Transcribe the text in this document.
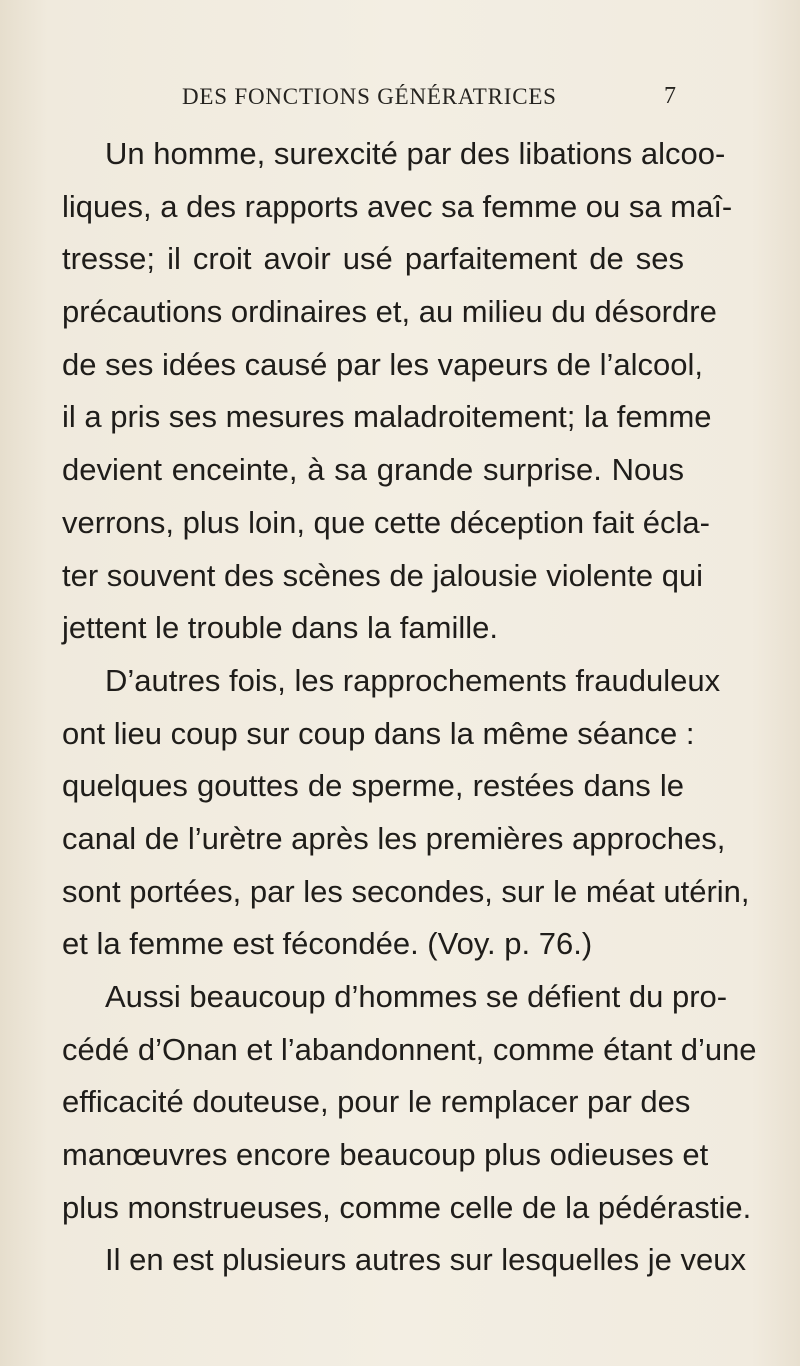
DES FONCTIONS GÉNÉRATRICES	7

Un homme, surexcité par des libations alcoo-
liques, a des rapports avec sa femme ou sa maî-
tresse; il croit avoir usé parfaitement de ses
précautions ordinaires et, au milieu du désordre
de ses idées causé par les vapeurs de l’alcool,
il a pris ses mesures maladroitement; la femme
devient enceinte, à sa grande surprise. Nous
verrons, plus loin, que cette déception fait écla-
ter souvent des scènes de jalousie violente qui
jettent le trouble dans la famille.

D’autres fois, les rapprochements frauduleux
ont lieu coup sur coup dans la même séance :
quelques gouttes de sperme, restées dans le
canal de l’urètre après les premières approches,
sont portées, par les secondes, sur le méat utérin,
et la femme est fécondée. (Voy. p. 76.)

Aussi beaucoup d’hommes se défient du pro-
cédé d’Onan et l’abandonnent, comme étant d’une
efficacité douteuse, pour le remplacer par des
manœuvres encore beaucoup plus odieuses et
plus monstrueuses, comme celle de la pédérastie.

Il en est plusieurs autres sur lesquelles je veux
